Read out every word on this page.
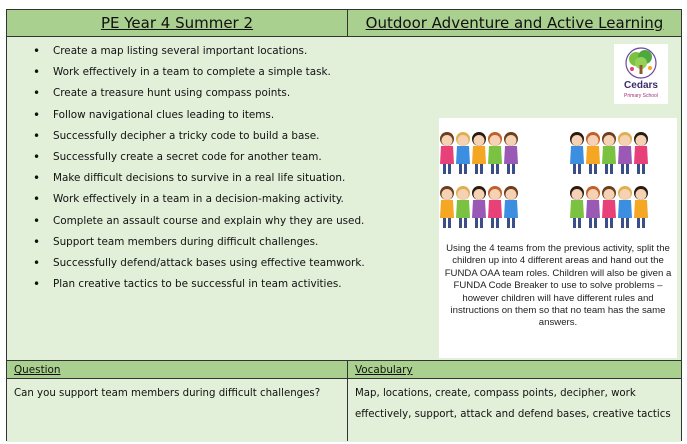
PE Year 4 Summer 2	Outdoor Adventure and Active Learning
• Create a map listing several important locations.
• Work effectively in a team to complete a simple task.
• Create a treasure hunt using compass points.
• Follow navigational clues leading to items.
• Successfully decipher a tricky code to build a base.
• Successfully create a secret code for another team.
• Make difficult decisions to survive in a real life situation.
• Work effectively in a team in a decision-making activity.
• Complete an assault course and explain why they are used.
• Support team members during difficult challenges.
• Successfully defend/attack bases using effective teamwork.
• Plan creative tactics to be successful in team activities.
Cedars
Primary School
Using the 4 teams from the previous activity, split the children up into 4 different areas and hand out the FUNDA OAA team roles. Children will also be given a FUNDA Code Breaker to use to solve problems – however children will have different rules and instructions on them so that no team has the same answers.
Question
Can you support team members during difficult challenges?
Vocabulary
Map, locations, create, compass points, decipher, work effectively, support, attack and defend bases, creative tactics
